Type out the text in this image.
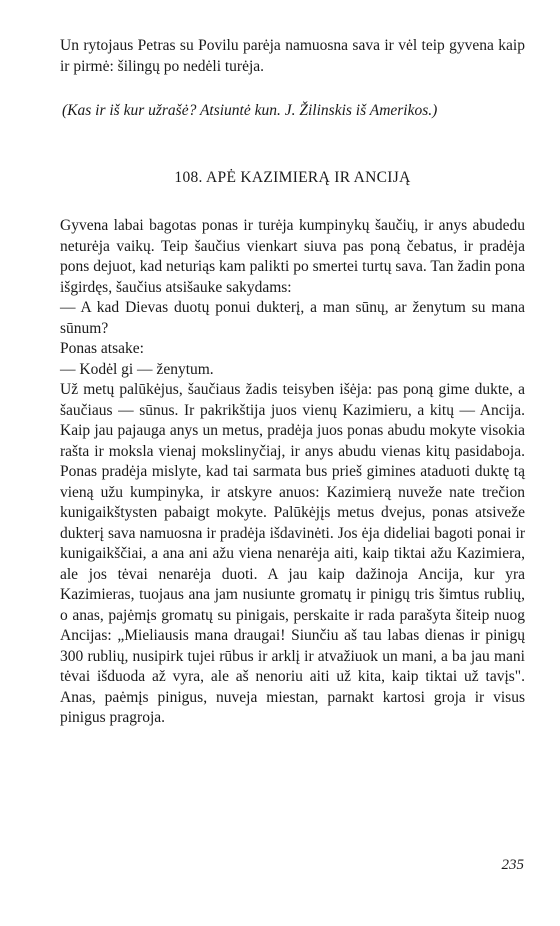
Un rytojaus Petras su Povilu parėja namuosna sava ir vėl teip gyvena kaip ir pirmė: šilingų po nedėli turėja.

(Kas ir iš kur užrašė? Atsiuntė kun. J. Žilinskis iš Amerikos.)

108. APĖ KAZIMIERĄ IR ANCIJĄ

Gyvena labai bagotas ponas ir turėja kumpinykų šaučių, ir anys abudedu neturėja vaikų. Teip šaučius vienkart siuva pas poną čebatus, ir pradėja pons dejuot, kad neturiąs kam palikti po smertei turtų sava. Tan žadin pona išgirdęs, šaučius atsišauke sakydams:

— A kad Dievas duotų ponui dukterį, a man sūnų, ar ženytum su mana sūnum?

Ponas atsake:

— Kodėl gi — ženytum.

Už metų palūkėjus, šaučiaus žadis teisyben išėja: pas poną gime dukte, a šaučiaus — sūnus. Ir pakrikštija juos vienų Kazimieru, a kitų — Ancija. Kaip jau pajauga anys un metus, pradėja juos ponas abudu mokyte visokia rašta ir moksla vienaj mokslinyčiaj, ir anys abudu vienas kitų pasidaboja. Ponas pradėja mislyte, kad tai sarmata bus prieš gimines ataduoti duktę tą vieną užu kumpinyka, ir atskyre anuos: Kazimierą nuveže nate trečion kunigaikštysten pabaigt mokyte. Palūkėjįs metus dvejus, ponas atsiveže dukterį sava namuosna ir pradėja išdavinėti. Jos ėja dideliai bagoti ponai ir kunigaikščiai, a ana ani ažu viena nenarėja aiti, kaip tiktai ažu Kazimiera, ale jos tėvai nenarėja duoti. A jau kaip dažinoja Ancija, kur yra Kazimieras, tuojaus ana jam nusiunte gromatų ir pinigų tris šimtus rublių, o anas, pajėmįs gromatų su pinigais, perskaite ir rada parašyta šiteip nuog Ancijas: „Mieliausis mana draugai! Siunčiu aš tau labas dienas ir pinigų 300 rublių, nusipirk tujei rūbus ir arklį ir atvažiuok un mani, a ba jau mani tėvai išduoda až vyra, ale aš nenoriu aiti už kita, kaip tiktai už tavįs". Anas, paėmįs pinigus, nuveja miestan, parnakt kartosi groja ir visus pinigus pragroja.

235
